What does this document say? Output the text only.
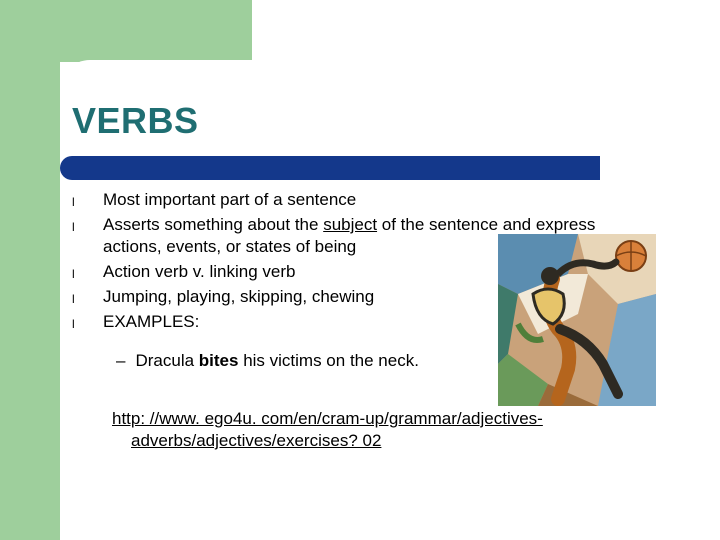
VERBS
l Most important part of a sentence
l Asserts something about the subject of the sentence and express
actions, events, or states of being
l Action verb v. linking verb
l Jumping, playing, skipping, chewing
l EXAMPLES:
– Dracula bites his victims on the neck.
http: //www. ego4u. com/en/cram-up/grammar/adjectives-
adverbs/adjectives/exercises? 02
